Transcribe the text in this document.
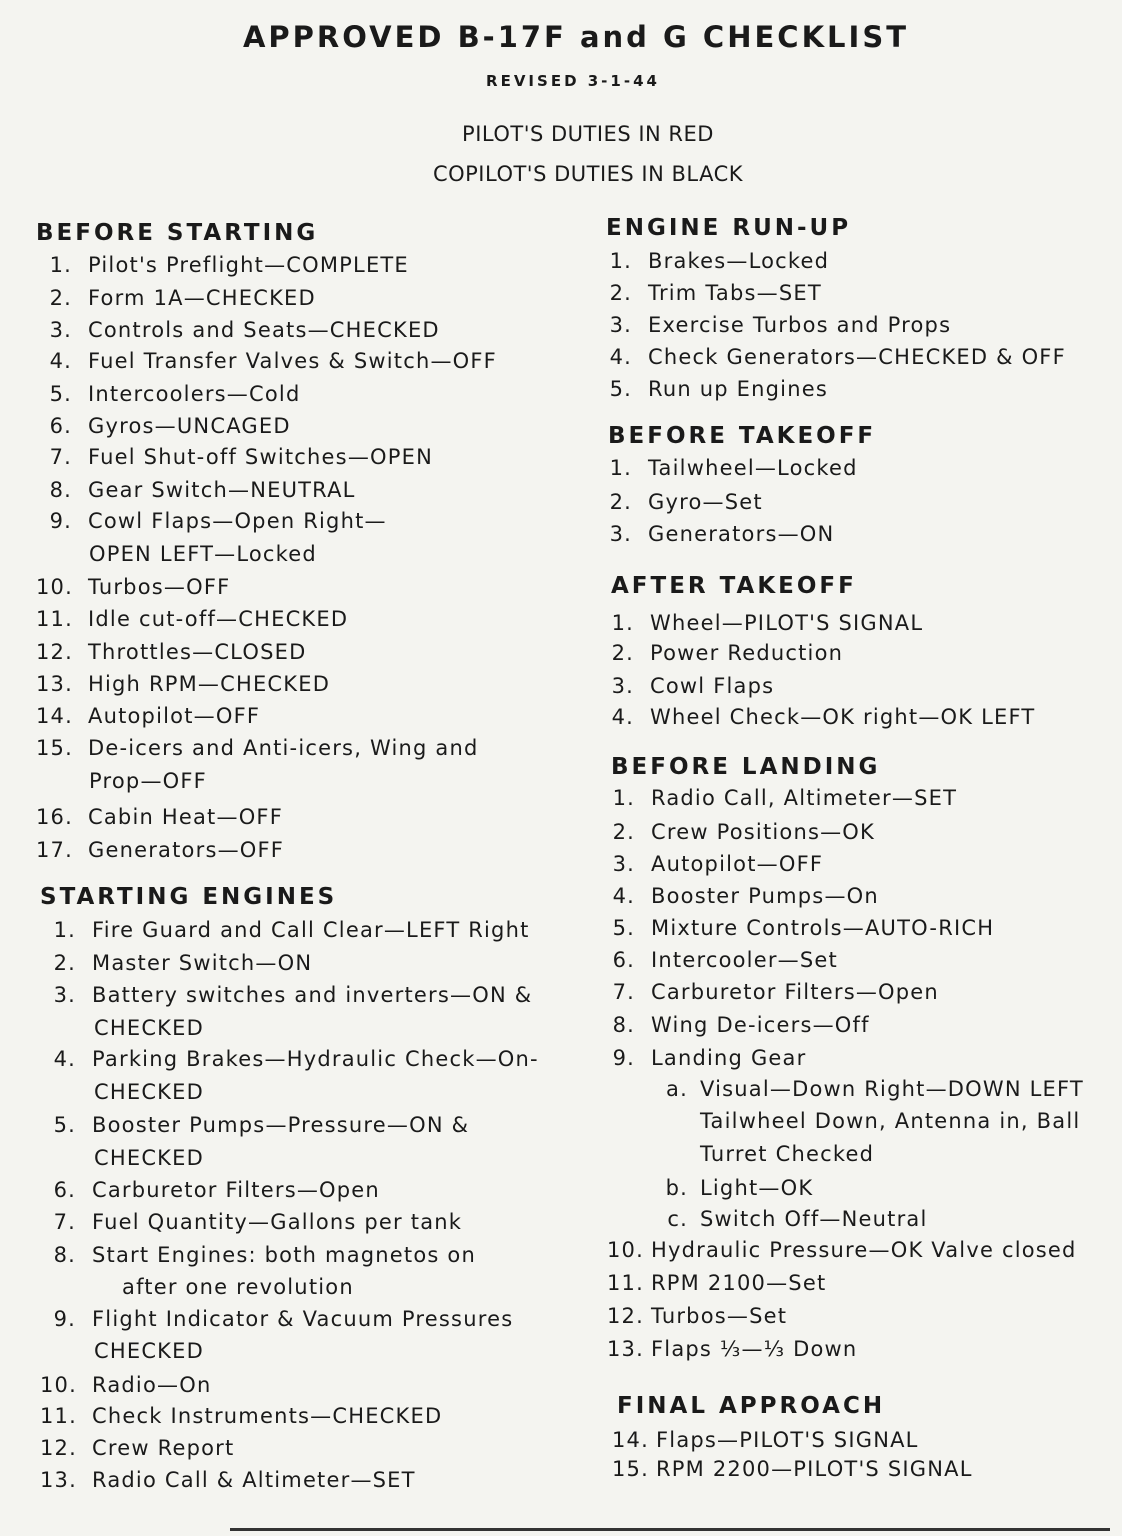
APPROVED B-17F and G CHECKLIST
REVISED 3-1-44
PILOT'S DUTIES IN RED
COPILOT'S DUTIES IN BLACK
BEFORE STARTING
1. Pilot's Preflight—COMPLETE
2. Form 1A—CHECKED
3. Controls and Seats—CHECKED
4. Fuel Transfer Valves & Switch—OFF
5. Intercoolers—Cold
6. Gyros—UNCAGED
7. Fuel Shut-off Switches—OPEN
8. Gear Switch—NEUTRAL
9. Cowl Flaps—Open Right—
OPEN LEFT—Locked
10. Turbos—OFF
11. Idle cut-off—CHECKED
12. Throttles—CLOSED
13. High RPM—CHECKED
14. Autopilot—OFF
15. De-icers and Anti-icers, Wing and
Prop—OFF
16. Cabin Heat—OFF
17. Generators—OFF
STARTING ENGINES
1. Fire Guard and Call Clear—LEFT Right
2. Master Switch—ON
3. Battery switches and inverters—ON &
CHECKED
4. Parking Brakes—Hydraulic Check—On-
CHECKED
5. Booster Pumps—Pressure—ON &
CHECKED
6. Carburetor Filters—Open
7. Fuel Quantity—Gallons per tank
8. Start Engines: both magnetos on
after one revolution
9. Flight Indicator & Vacuum Pressures
CHECKED
10. Radio—On
11. Check Instruments—CHECKED
12. Crew Report
13. Radio Call & Altimeter—SET
ENGINE RUN-UP
1. Brakes—Locked
2. Trim Tabs—SET
3. Exercise Turbos and Props
4. Check Generators—CHECKED & OFF
5. Run up Engines
BEFORE TAKEOFF
1. Tailwheel—Locked
2. Gyro—Set
3. Generators—ON
AFTER TAKEOFF
1. Wheel—PILOT'S SIGNAL
2. Power Reduction
3. Cowl Flaps
4. Wheel Check—OK right—OK LEFT
BEFORE LANDING
1. Radio Call, Altimeter—SET
2. Crew Positions—OK
3. Autopilot—OFF
4. Booster Pumps—On
5. Mixture Controls—AUTO-RICH
6. Intercooler—Set
7. Carburetor Filters—Open
8. Wing De-icers—Off
9. Landing Gear
10. Hydraulic Pressure—OK Valve closed
11. RPM 2100—Set
12. Turbos—Set
13. Flaps ⅓—⅓ Down
a. Visual—Down Right—DOWN LEFT
Tailwheel Down, Antenna in, Ball
Turret Checked
b. Light—OK
c. Switch Off—Neutral
FINAL APPROACH
14. Flaps—PILOT'S SIGNAL
15. RPM 2200—PILOT'S SIGNAL
